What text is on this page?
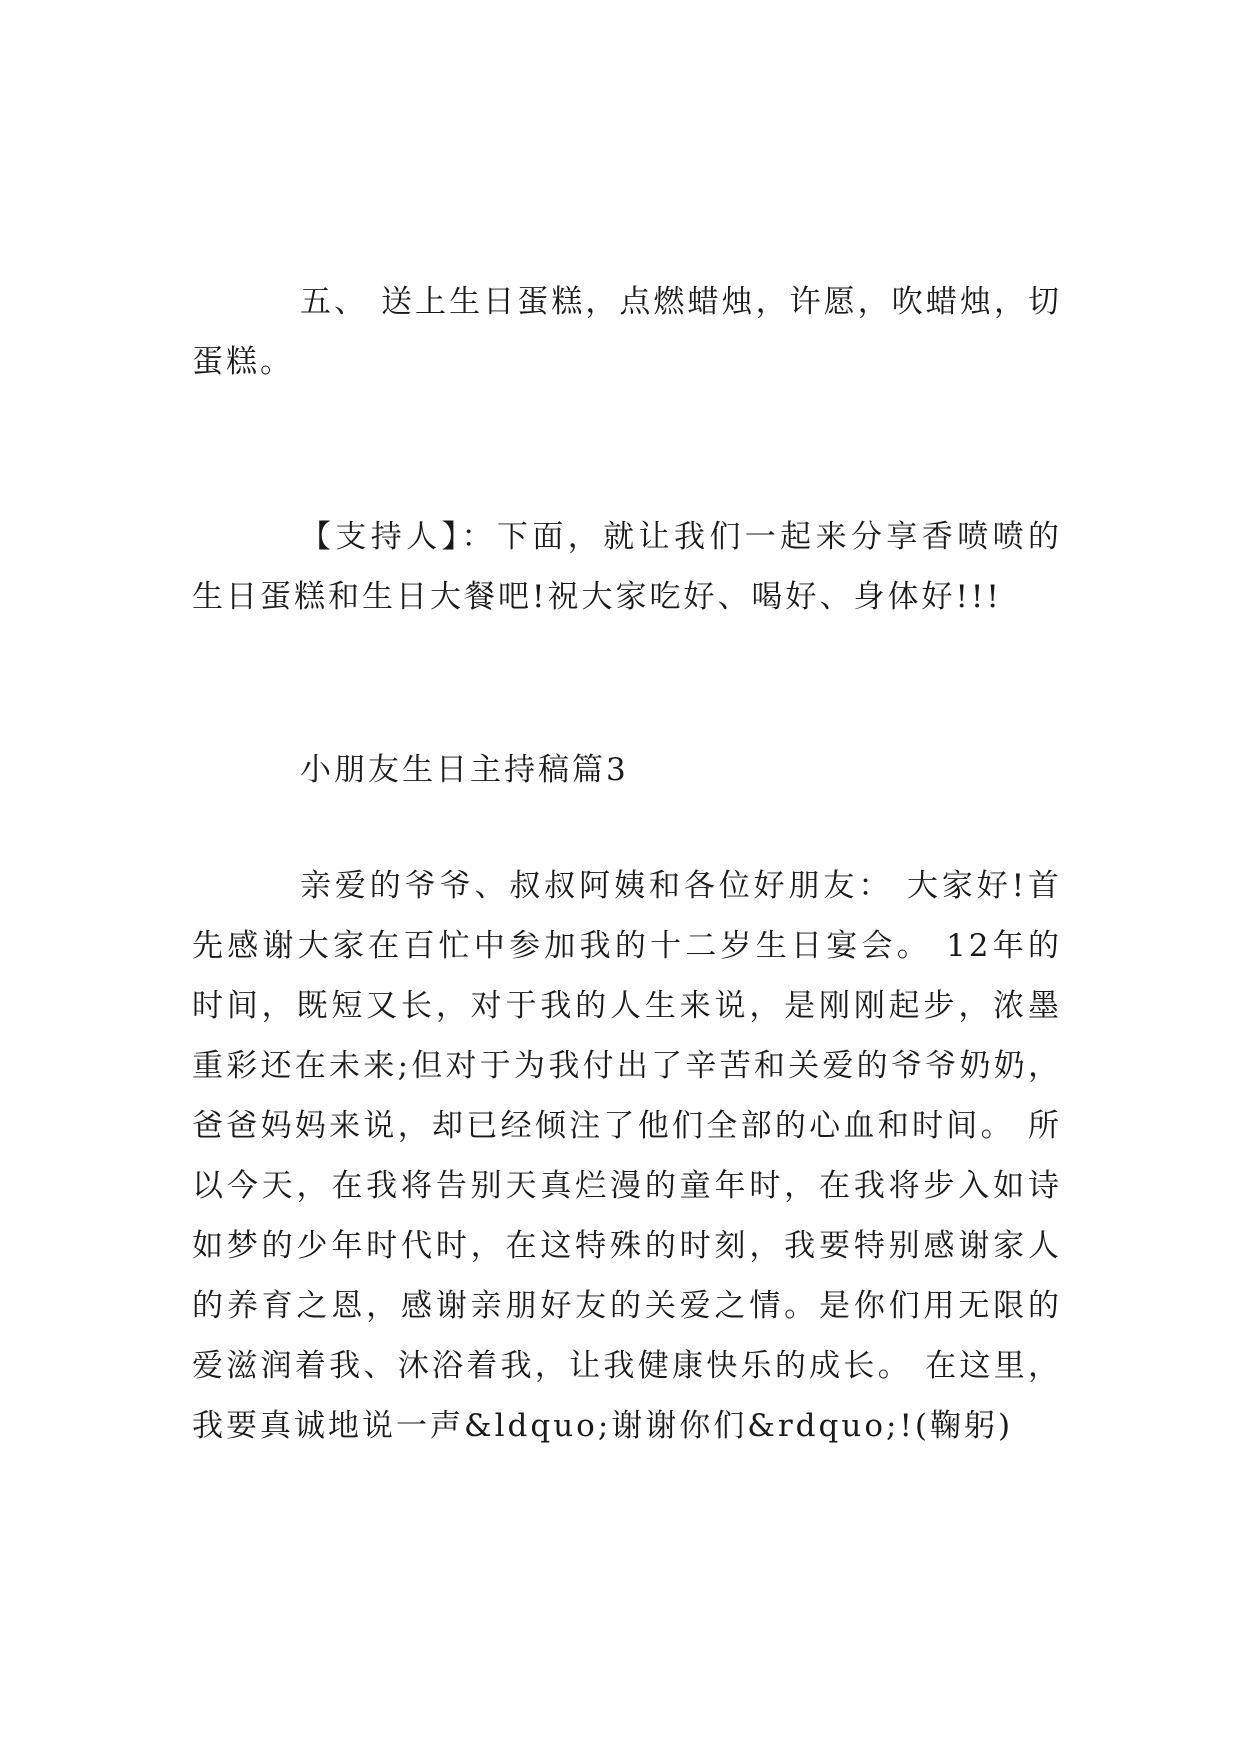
五、 送上生日蛋糕，点燃蜡烛，许愿，吹蜡烛，切蛋糕。

【支持人】：下面，就让我们一起来分享香喷喷的生日蛋糕和生日大餐吧!祝大家吃好、喝好、身体好!!!

小朋友生日主持稿篇3

亲爱的爷爷、叔叔阿姨和各位好朋友： 大家好!首先感谢大家在百忙中参加我的十二岁生日宴会。 12年的时间，既短又长，对于我的人生来说，是刚刚起步，浓墨重彩还在未来;但对于为我付出了辛苦和关爱的爷爷奶奶，爸爸妈妈来说，却已经倾注了他们全部的心血和时间。 所以今天，在我将告别天真烂漫的童年时，在我将步入如诗如梦的少年时代时，在这特殊的时刻，我要特别感谢家人的养育之恩，感谢亲朋好友的关爱之情。是你们用无限的爱滋润着我、沐浴着我，让我健康快乐的成长。 在这里，我要真诚地说一声&ldquo;谢谢你们&rdquo;!(鞠躬)
